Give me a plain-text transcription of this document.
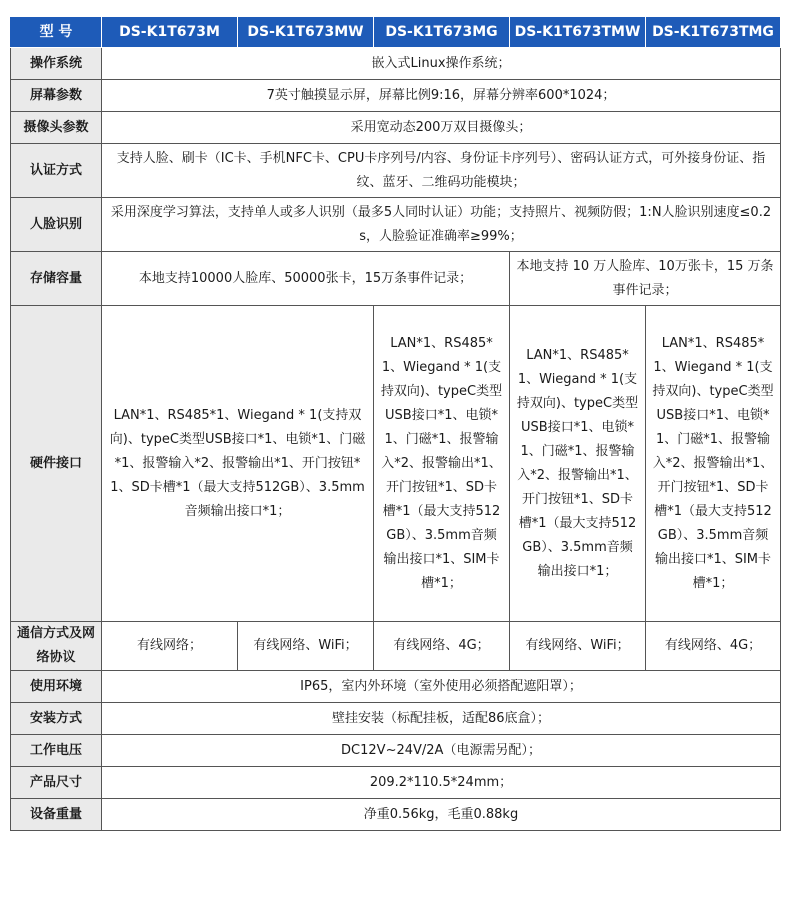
型 号	DS-K1T673M	DS-K1T673MW	DS-K1T673MG	DS-K1T673TMW	DS-K1T673TMG
操作系统	嵌入式Linux操作系统；				
屏幕参数	7英寸触摸显示屏，屏幕比例9:16，屏幕分辨率600*1024；				
摄像头参数	采用宽动态200万双目摄像头；				
认证方式	支持人脸、刷卡（IC卡、手机NFC卡、CPU卡序列号/内容、身份证卡序列号）、密码认证方式，可外接身份证、指纹、蓝牙、二维码功能模块；				
人脸识别	采用深度学习算法，支持单人或多人识别（最多5人同时认证）功能；支持照片、视频防假；1:N人脸识别速度≤0.2s，人脸验证准确率≥99%；				
存储容量	本地支持10000人脸库、50000张卡，15万条事件记录；			本地支持 10 万人脸库、10万张卡，15 万条事件记录；	
硬件接口	LAN*1、RS485*1、Wiegand * 1(支持双向)、typeC类型USB接口*1、电锁*1、门磁*1、报警输入*2、报警输出*1、开门按钮*1、SD卡槽*1（最大支持512GB）、3.5mm音频输出接口*1；		LAN*1、RS485*1、Wiegand * 1(支持双向)、typeC类型USB接口*1、电锁*1、门磁*1、报警输入*2、报警输出*1、开门按钮*1、SD卡槽*1（最大支持512GB）、3.5mm音频输出接口*1、SIM卡槽*1；	LAN*1、RS485*1、Wiegand * 1(支持双向)、typeC类型USB接口*1、电锁*1、门磁*1、报警输入*2、报警输出*1、开门按钮*1、SD卡槽*1（最大支持512GB）、3.5mm音频输出接口*1；	LAN*1、RS485*1、Wiegand * 1(支持双向)、typeC类型USB接口*1、电锁*1、门磁*1、报警输入*2、报警输出*1、开门按钮*1、SD卡槽*1（最大支持512GB）、3.5mm音频输出接口*1、SIM卡槽*1；
通信方式及网络协议	有线网络；	有线网络、WiFi；	有线网络、4G；	有线网络、WiFi；	有线网络、4G；
使用环境	IP65，室内外环境（室外使用必须搭配遮阳罩）；				
安装方式	壁挂安装（标配挂板，适配86底盒）；				
工作电压	DC12V~24V/2A（电源需另配）；				
产品尺寸	209.2*110.5*24mm；				
设备重量	净重0.56kg，毛重0.88kg				
